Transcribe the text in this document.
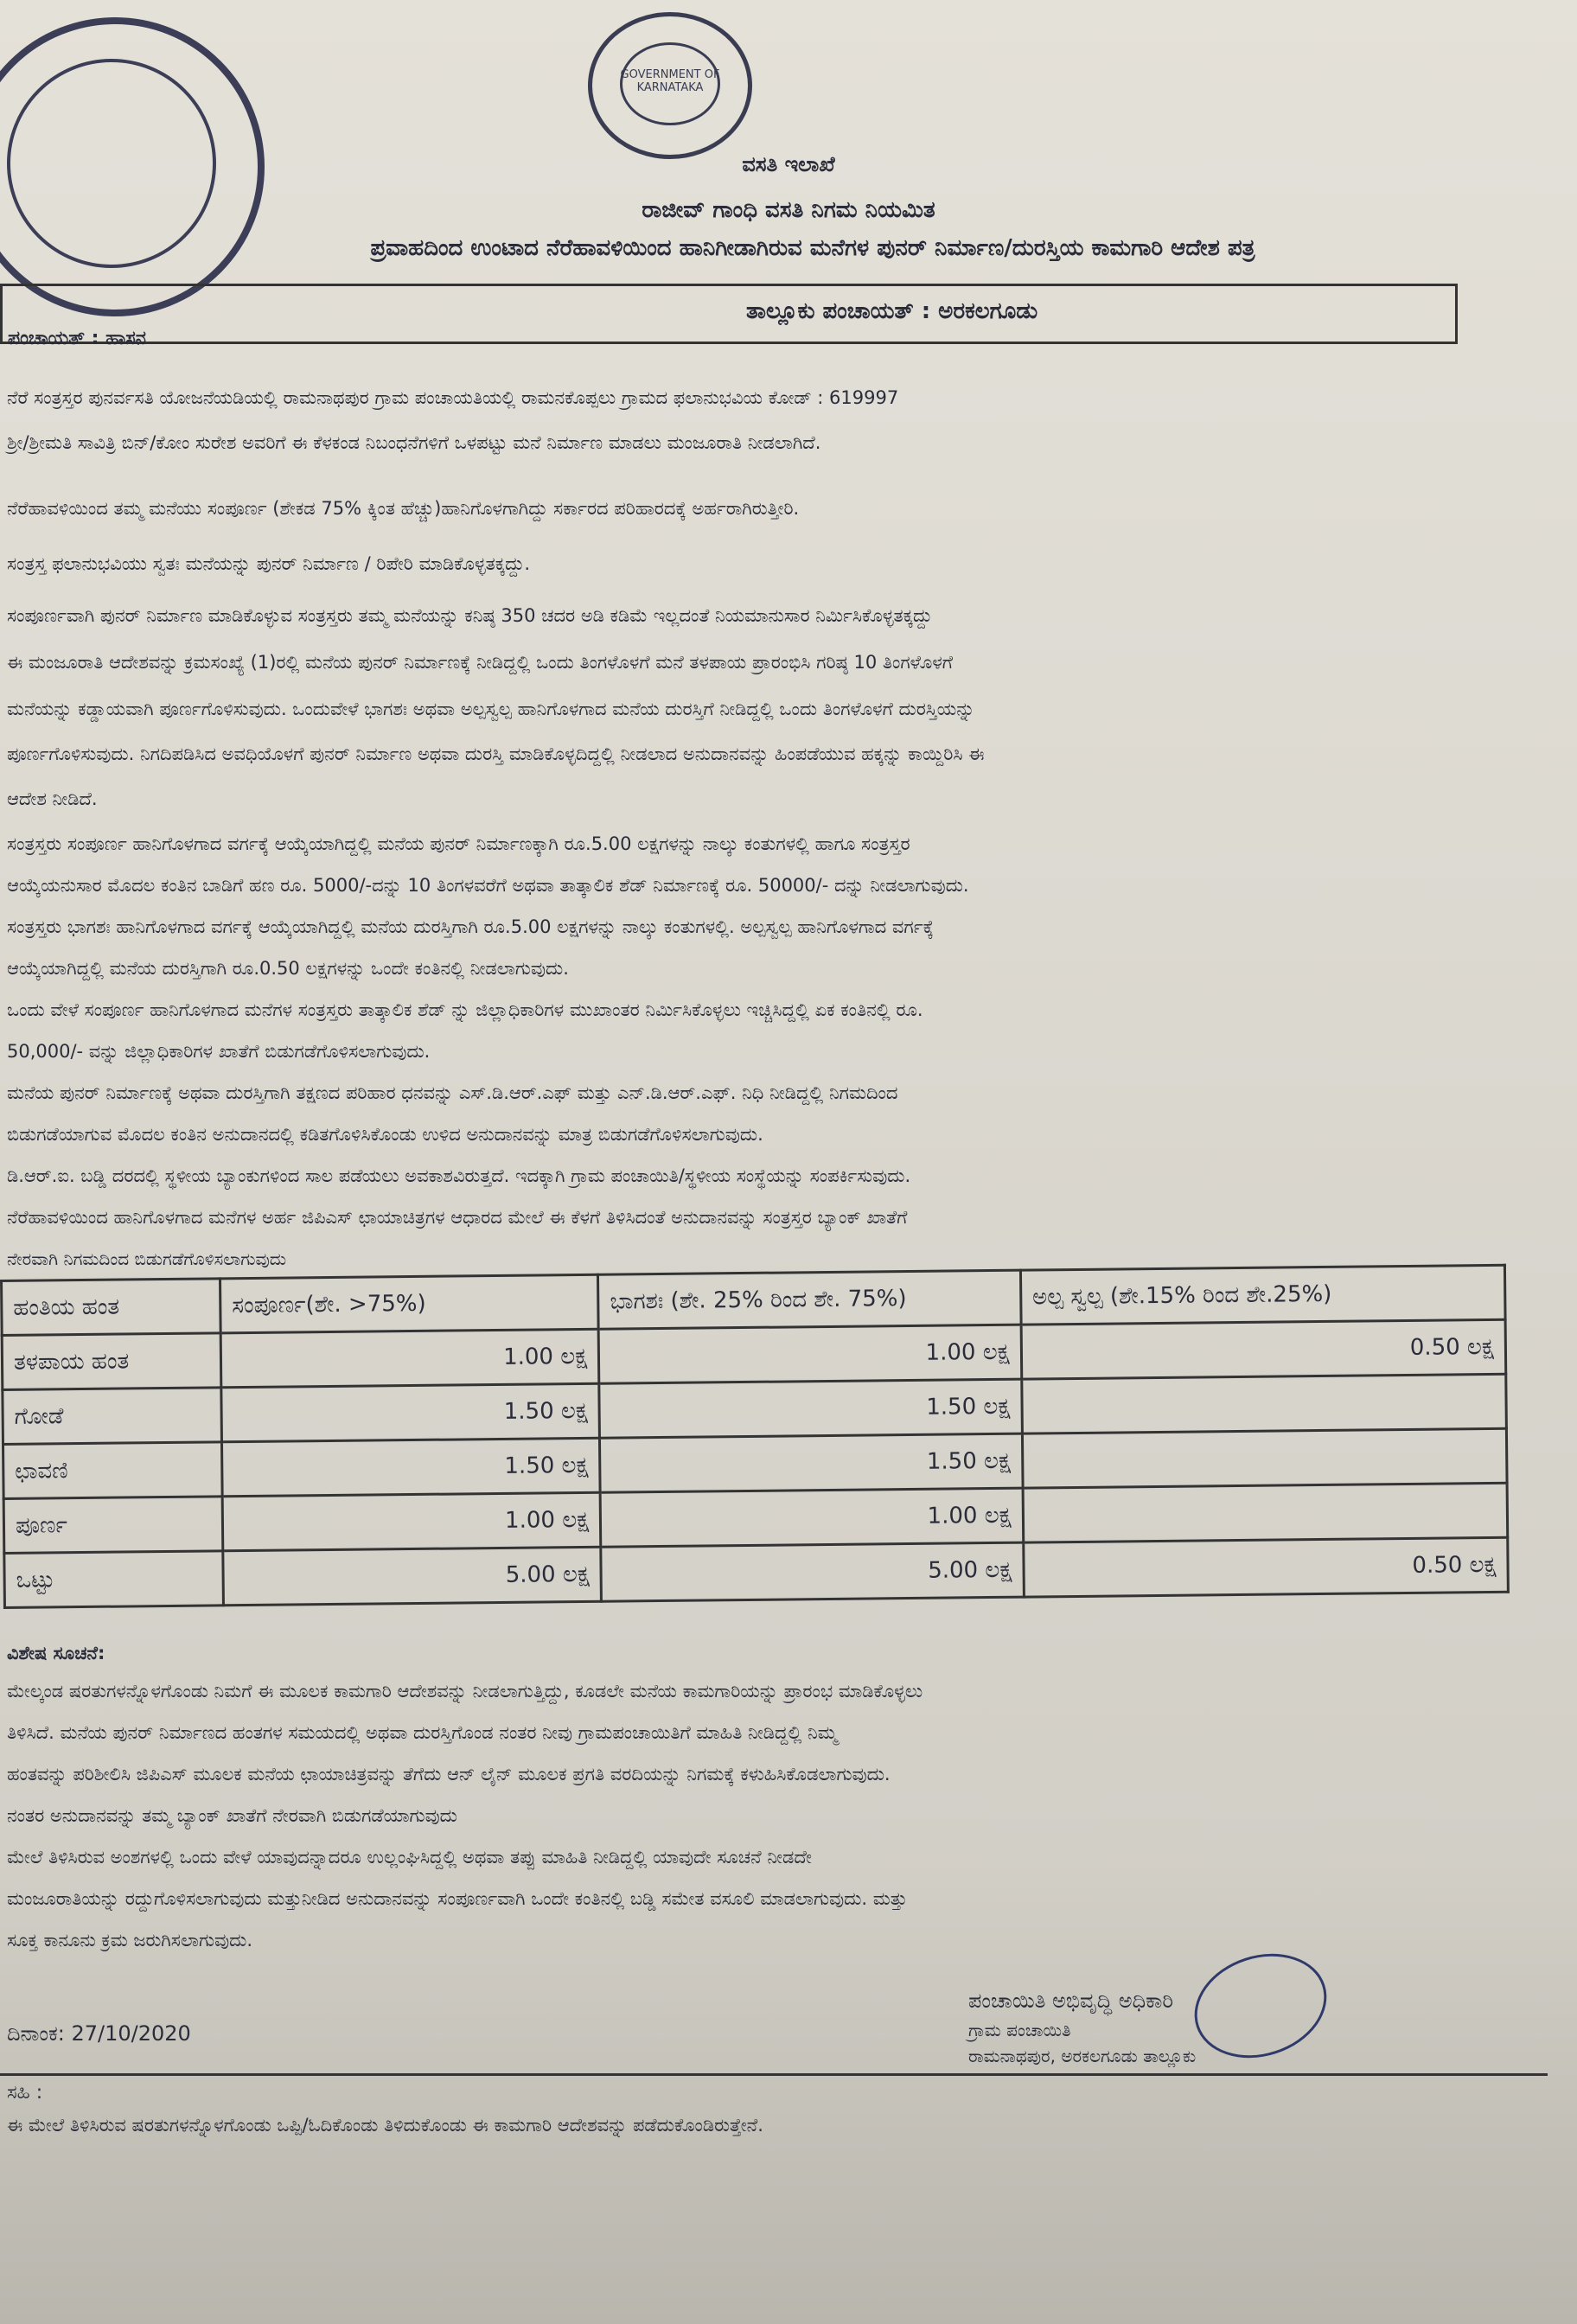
GOVERNMENT OF KARNATAKA
ವಸತಿ ಇಲಾಖೆ
ರಾಜೀವ್ ಗಾಂಧಿ ವಸತಿ ನಿಗಮ ನಿಯಮಿತ
ಪ್ರವಾಹದಿಂದ ಉಂಟಾದ ನೆರೆಹಾವಳಿಯಿಂದ ಹಾನಿಗೀಡಾಗಿರುವ ಮನೆಗಳ ಪುನರ್ ನಿರ್ಮಾಣ/ದುರಸ್ತಿಯ ಕಾಮಗಾರಿ ಆದೇಶ ಪತ್ರ
ಪಂಚಾಯತ್ : ಹಾಸನ
ತಾಲ್ಲೂಕು ಪಂಚಾಯತ್ : ಅರಕಲಗೂಡು
ನೆರೆ ಸಂತ್ರಸ್ತರ ಪುನರ್ವಸತಿ ಯೋಜನೆಯಡಿಯಲ್ಲಿ ರಾಮನಾಥಪುರ ಗ್ರಾಮ ಪಂಚಾಯತಿಯಲ್ಲಿ ರಾಮನಕೊಪ್ಪಲು ಗ್ರಾಮದ ಫಲಾನುಭವಿಯ ಕೋಡ್ : 619997
ಶ್ರೀ/ಶ್ರೀಮತಿ ಸಾವಿತ್ರಿ ಬಿನ್/ಕೋಂ ಸುರೇಶ ಅವರಿಗೆ ಈ ಕೆಳಕಂಡ ನಿಬಂಧನೆಗಳಿಗೆ ಒಳಪಟ್ಟು ಮನೆ ನಿರ್ಮಾಣ ಮಾಡಲು ಮಂಜೂರಾತಿ ನೀಡಲಾಗಿದೆ.
ನೆರೆಹಾವಳಿಯಿಂದ ತಮ್ಮ ಮನೆಯು ಸಂಪೂರ್ಣ (ಶೇಕಡ 75% ಕ್ಕಿಂತ ಹೆಚ್ಚು)ಹಾನಿಗೊಳಗಾಗಿದ್ದು ಸರ್ಕಾರದ ಪರಿಹಾರದಕ್ಕೆ ಅರ್ಹರಾಗಿರುತ್ತೀರಿ.
ಸಂತ್ರಸ್ತ ಫಲಾನುಭವಿಯು ಸ್ವತಃ ಮನೆಯನ್ನು ಪುನರ್ ನಿರ್ಮಾಣ / ರಿಪೇರಿ ಮಾಡಿಕೊಳ್ಳತಕ್ಕದ್ದು.
ಸಂಪೂರ್ಣವಾಗಿ ಪುನರ್ ನಿರ್ಮಾಣ ಮಾಡಿಕೊಳ್ಳುವ ಸಂತ್ರಸ್ತರು ತಮ್ಮ ಮನೆಯನ್ನು ಕನಿಷ್ಠ 350 ಚದರ ಅಡಿ ಕಡಿಮೆ ಇಲ್ಲದಂತೆ ನಿಯಮಾನುಸಾರ ನಿರ್ಮಿಸಿಕೊಳ್ಳತಕ್ಕದ್ದು
ಈ ಮಂಜೂರಾತಿ ಆದೇಶವನ್ನು ಕ್ರಮಸಂಖ್ಯೆ (1)ರಲ್ಲಿ ಮನೆಯ ಪುನರ್ ನಿರ್ಮಾಣಕ್ಕೆ ನೀಡಿದ್ದಲ್ಲಿ ಒಂದು ತಿಂಗಳೊಳಗೆ ಮನೆ ತಳಪಾಯ ಪ್ರಾರಂಭಿಸಿ ಗರಿಷ್ಠ 10 ತಿಂಗಳೊಳಗೆ
ಮನೆಯನ್ನು ಕಡ್ಡಾಯವಾಗಿ ಪೂರ್ಣಗೊಳಿಸುವುದು. ಒಂದುವೇಳೆ ಭಾಗಶಃ ಅಥವಾ ಅಲ್ಪಸ್ವಲ್ಪ ಹಾನಿಗೊಳಗಾದ ಮನೆಯ ದುರಸ್ತಿಗೆ ನೀಡಿದ್ದಲ್ಲಿ ಒಂದು ತಿಂಗಳೊಳಗೆ ದುರಸ್ತಿಯನ್ನು
ಪೂರ್ಣಗೊಳಿಸುವುದು. ನಿಗದಿಪಡಿಸಿದ ಅವಧಿಯೊಳಗೆ ಪುನರ್ ನಿರ್ಮಾಣ ಅಥವಾ ದುರಸ್ತಿ ಮಾಡಿಕೊಳ್ಳದಿದ್ದಲ್ಲಿ ನೀಡಲಾದ ಅನುದಾನವನ್ನು ಹಿಂಪಡೆಯುವ ಹಕ್ಕನ್ನು ಕಾಯ್ದಿರಿಸಿ ಈ
ಆದೇಶ ನೀಡಿದೆ.
ಸಂತ್ರಸ್ತರು ಸಂಪೂರ್ಣ ಹಾನಿಗೊಳಗಾದ ವರ್ಗಕ್ಕೆ ಆಯ್ಕೆಯಾಗಿದ್ದಲ್ಲಿ ಮನೆಯ ಪುನರ್ ನಿರ್ಮಾಣಕ್ಕಾಗಿ ರೂ.5.00 ಲಕ್ಷಗಳನ್ನು ನಾಲ್ಕು ಕಂತುಗಳಲ್ಲಿ ಹಾಗೂ ಸಂತ್ರಸ್ತರ
ಆಯ್ಕೆಯನುಸಾರ ಮೊದಲ ಕಂತಿನ ಬಾಡಿಗೆ ಹಣ ರೂ. 5000/-ದನ್ನು 10 ತಿಂಗಳವರೆಗೆ ಅಥವಾ ತಾತ್ಕಾಲಿಕ ಶೆಡ್ ನಿರ್ಮಾಣಕ್ಕೆ ರೂ. 50000/- ದನ್ನು ನೀಡಲಾಗುವುದು.
ಸಂತ್ರಸ್ತರು ಭಾಗಶಃ ಹಾನಿಗೊಳಗಾದ ವರ್ಗಕ್ಕೆ ಆಯ್ಕೆಯಾಗಿದ್ದಲ್ಲಿ ಮನೆಯ ದುರಸ್ತಿಗಾಗಿ ರೂ.5.00 ಲಕ್ಷಗಳನ್ನು ನಾಲ್ಕು ಕಂತುಗಳಲ್ಲಿ. ಅಲ್ಪಸ್ವಲ್ಪ ಹಾನಿಗೊಳಗಾದ ವರ್ಗಕ್ಕೆ
ಆಯ್ಕೆಯಾಗಿದ್ದಲ್ಲಿ ಮನೆಯ ದುರಸ್ತಿಗಾಗಿ ರೂ.0.50 ಲಕ್ಷಗಳನ್ನು ಒಂದೇ ಕಂತಿನಲ್ಲಿ ನೀಡಲಾಗುವುದು.
ಒಂದು ವೇಳೆ ಸಂಪೂರ್ಣ ಹಾನಿಗೊಳಗಾದ ಮನೆಗಳ ಸಂತ್ರಸ್ತರು ತಾತ್ಕಾಲಿಕ ಶೆಡ್ ನ್ನು ಜಿಲ್ಲಾಧಿಕಾರಿಗಳ ಮುಖಾಂತರ ನಿರ್ಮಿಸಿಕೊಳ್ಳಲು ಇಚ್ಚಿಸಿದ್ದಲ್ಲಿ ಏಕ ಕಂತಿನಲ್ಲಿ ರೂ.
50,000/- ವನ್ನು ಜಿಲ್ಲಾಧಿಕಾರಿಗಳ ಖಾತೆಗೆ ಬಿಡುಗಡೆಗೊಳಿಸಲಾಗುವುದು.
ಮನೆಯ ಪುನರ್ ನಿರ್ಮಾಣಕ್ಕೆ ಅಥವಾ ದುರಸ್ತಿಗಾಗಿ ತಕ್ಷಣದ ಪರಿಹಾರ ಧನವನ್ನು ಎಸ್.ಡಿ.ಆರ್.ಎಫ್ ಮತ್ತು ಎನ್.ಡಿ.ಆರ್.ಎಫ್. ನಿಧಿ ನೀಡಿದ್ದಲ್ಲಿ ನಿಗಮದಿಂದ
ಬಿಡುಗಡೆಯಾಗುವ ಮೊದಲ ಕಂತಿನ ಅನುದಾನದಲ್ಲಿ ಕಡಿತಗೊಳಿಸಿಕೊಂಡು ಉಳಿದ ಅನುದಾನವನ್ನು ಮಾತ್ರ ಬಿಡುಗಡೆಗೊಳಿಸಲಾಗುವುದು.
ಡಿ.ಆರ್.ಐ. ಬಡ್ಡಿ ದರದಲ್ಲಿ ಸ್ಥಳೀಯ ಬ್ಯಾಂಕುಗಳಿಂದ ಸಾಲ ಪಡೆಯಲು ಅವಕಾಶವಿರುತ್ತದೆ. ಇದಕ್ಕಾಗಿ ಗ್ರಾಮ ಪಂಚಾಯಿತಿ/ಸ್ಥಳೀಯ ಸಂಸ್ಥೆಯನ್ನು ಸಂಪರ್ಕಿಸುವುದು.
ನೆರೆಹಾವಳಿಯಿಂದ ಹಾನಿಗೊಳಗಾದ ಮನೆಗಳ ಅರ್ಹ ಜಿಪಿಎಸ್ ಛಾಯಾಚಿತ್ರಗಳ ಆಧಾರದ ಮೇಲೆ ಈ ಕೆಳಗೆ ತಿಳಿಸಿದಂತೆ ಅನುದಾನವನ್ನು ಸಂತ್ರಸ್ತರ ಬ್ಯಾಂಕ್ ಖಾತೆಗೆ
ನೇರವಾಗಿ ನಿಗಮದಿಂದ ಬಿಡುಗಡೆಗೊಳಿಸಲಾಗುವುದು
ಹಂತಿಯ ಹಂತ	ಸಂಪೂರ್ಣ(ಶೇ. >75%)	ಭಾಗಶಃ (ಶೇ. 25% ರಿಂದ ಶೇ. 75%)	ಅಲ್ಪ ಸ್ವಲ್ಪ (ಶೇ.15% ರಿಂದ ಶೇ.25%)
ತಳಪಾಯ ಹಂತ	1.00 ಲಕ್ಷ	1.00 ಲಕ್ಷ	0.50 ಲಕ್ಷ
ಗೋಡೆ	1.50 ಲಕ್ಷ	1.50 ಲಕ್ಷ	
ಛಾವಣಿ	1.50 ಲಕ್ಷ	1.50 ಲಕ್ಷ	
ಪೂರ್ಣ	1.00 ಲಕ್ಷ	1.00 ಲಕ್ಷ	
ಒಟ್ಟು	5.00 ಲಕ್ಷ	5.00 ಲಕ್ಷ	0.50 ಲಕ್ಷ
ವಿಶೇಷ ಸೂಚನೆ:
ಮೇಲ್ಕಂಡ ಷರತುಗಳನ್ನೊಳಗೊಂಡು ನಿಮಗೆ ಈ ಮೂಲಕ ಕಾಮಗಾರಿ ಆದೇಶವನ್ನು ನೀಡಲಾಗುತ್ತಿದ್ದು, ಕೂಡಲೇ ಮನೆಯ ಕಾಮಗಾರಿಯನ್ನು ಪ್ರಾರಂಭ ಮಾಡಿಕೊಳ್ಳಲು
ತಿಳಿಸಿದೆ. ಮನೆಯ ಪುನರ್ ನಿರ್ಮಾಣದ ಹಂತಗಳ ಸಮಯದಲ್ಲಿ ಅಥವಾ ದುರಸ್ತಿಗೊಂಡ ನಂತರ ನೀವು ಗ್ರಾಮಪಂಚಾಯಿತಿಗೆ ಮಾಹಿತಿ ನೀಡಿದ್ದಲ್ಲಿ ನಿಮ್ಮ
ಹಂತವನ್ನು ಪರಿಶೀಲಿಸಿ ಜಿಪಿಎಸ್ ಮೂಲಕ ಮನೆಯ ಛಾಯಾಚಿತ್ರವನ್ನು ತೆಗೆದು ಆನ್ ಲೈನ್ ಮೂಲಕ ಪ್ರಗತಿ ವರದಿಯನ್ನು ನಿಗಮಕ್ಕೆ ಕಳುಹಿಸಿಕೊಡಲಾಗುವುದು.
ನಂತರ ಅನುದಾನವನ್ನು ತಮ್ಮ ಬ್ಯಾಂಕ್ ಖಾತೆಗೆ ನೇರವಾಗಿ ಬಿಡುಗಡೆಯಾಗುವುದು
ಮೇಲೆ ತಿಳಿಸಿರುವ ಅಂಶಗಳಲ್ಲಿ ಒಂದು ವೇಳೆ ಯಾವುದನ್ನಾದರೂ ಉಲ್ಲಂಘಿಸಿದ್ದಲ್ಲಿ ಅಥವಾ ತಪ್ಪು ಮಾಹಿತಿ ನೀಡಿದ್ದಲ್ಲಿ ಯಾವುದೇ ಸೂಚನೆ ನೀಡದೇ
ಮಂಜೂರಾತಿಯನ್ನು ರದ್ದುಗೊಳಿಸಲಾಗುವುದು ಮತ್ತುನೀಡಿದ ಅನುದಾನವನ್ನು ಸಂಪೂರ್ಣವಾಗಿ ಒಂದೇ ಕಂತಿನಲ್ಲಿ ಬಡ್ಡಿ ಸಮೇತ ವಸೂಲಿ ಮಾಡಲಾಗುವುದು. ಮತ್ತು
ಸೂಕ್ತ ಕಾನೂನು ಕ್ರಮ ಜರುಗಿಸಲಾಗುವುದು.
ದಿನಾಂಕ: 27/10/2020
ಪಂಚಾಯಿತಿ ಅಭಿವೃದ್ಧಿ ಅಧಿಕಾರಿ
ಗ್ರಾಮ ಪಂಚಾಯಿತಿ
ರಾಮನಾಥಪುರ, ಅರಕಲಗೂಡು ತಾಲ್ಲೂಕು
ಸಹಿ :
ಈ ಮೇಲೆ ತಿಳಿಸಿರುವ ಷರತುಗಳನ್ನೊಳಗೊಂಡು ಒಪ್ಪಿ/ಓದಿಕೊಂಡು ತಿಳಿದುಕೊಂಡು ಈ ಕಾಮಗಾರಿ ಆದೇಶವನ್ನು ಪಡೆದುಕೊಂಡಿರುತ್ತೇನೆ.
